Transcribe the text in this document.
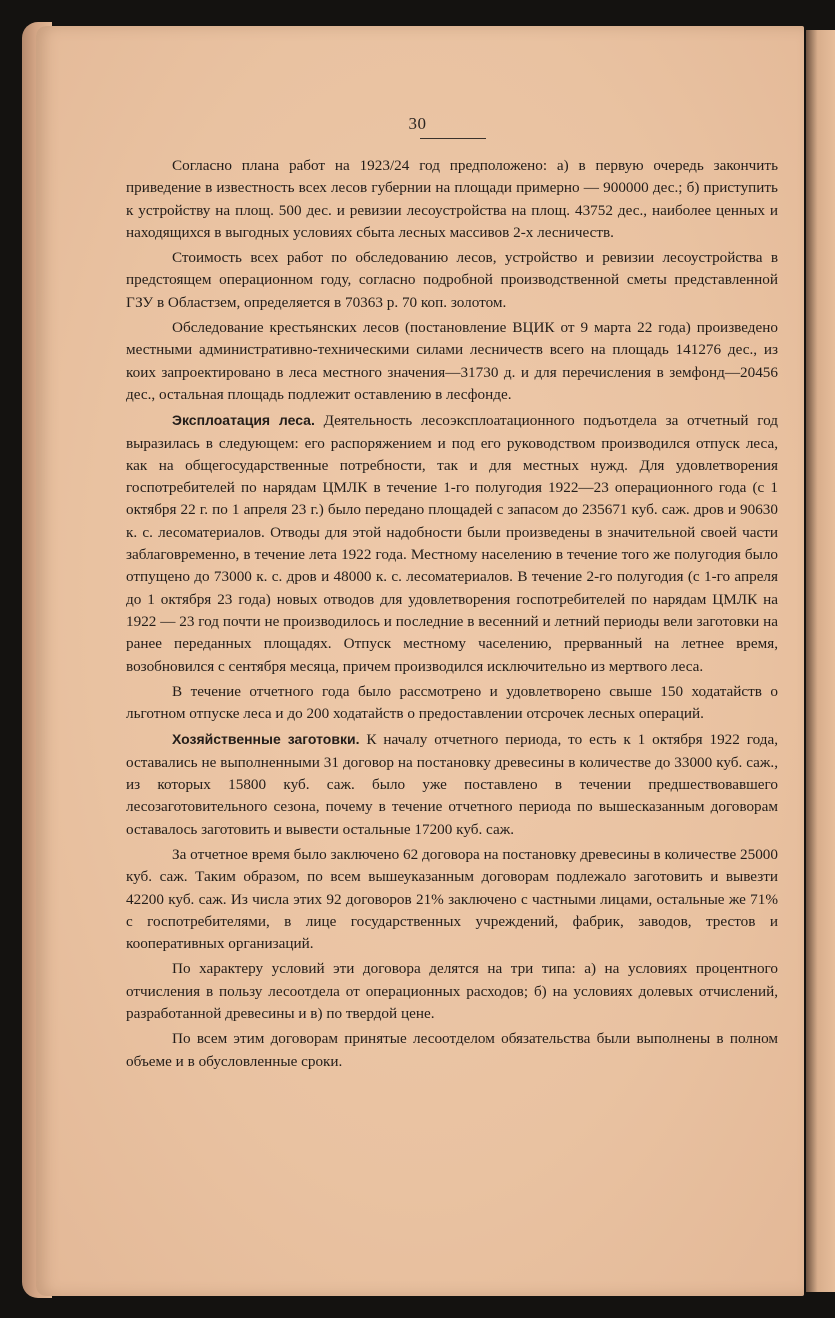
30

Согласно плана работ на 1923/24 год предположено: а) в первую очередь закончить приведение в известность всех лесов губернии на площади примерно — 900000 дес.; б) приступить к устройству на площ. 500 дес. и ревизии лесоустройства на площ. 43752 дес., наиболее ценных и находящихся в выгодных условиях сбыта лесных массивов 2-х лесничеств.

Стоимость всех работ по обследованию лесов, устройство и ревизии лесоустройства в предстоящем операционном году, согласно подробной производственной сметы представленной ГЗУ в Областзем, определяется в 70363 р. 70 коп. золотом.

Обследование крестьянских лесов (постановление ВЦИК от 9 марта 22 года) произведено местными административно-техническими силами лесничеств всего на площадь 141276 дес., из коих запроектировано в леса местного значения—31730 д. и для перечисления в земфонд—20456 дес., остальная площадь подлежит оставлению в лесфонде.

Эксплоатация леса. Деятельность лесоэксплоатационного подъотдела за отчетный год выразилась в следующем: его распоряжением и под его руководством производился отпуск леса, как на общегосударственные потребности, так и для местных нужд. Для удовлетворения госпотребителей по нарядам ЦМЛК в течение 1-го полугодия 1922—23 операционного года (с 1 октября 22 г. по 1 апреля 23 г.) было передано площадей с запасом до 235671 куб. саж. дров и 90630 к. с. лесоматериалов. Отводы для этой надобности были произведены в значительной своей части заблаговременно, в течение лета 1922 года. Местному населению в течение того же полугодия было отпущено до 73000 к. с. дров и 48000 к. с. лесоматериалов. В течение 2-го полугодия (с 1-го апреля до 1 октября 23 года) новых отводов для удовлетворения госпотребителей по нарядам ЦМЛК на 1922 — 23 год почти не производилось и последние в весенний и летний периоды вели заготовки на ранее переданных площадях. Отпуск местному часелению, прерванный на летнее время, возобновился с сентября месяца, причем производился исключительно из мертвого леса.

В течение отчетного года было рассмотрено и удовлетворено свыше 150 ходатайств о льготном отпуске леса и до 200 ходатайств о предоставлении отсрочек лесных операций.

Хозяйственные заготовки. К началу отчетного периода, то есть к 1 октября 1922 года, оставались не выполненными 31 договор на постановку древесины в количестве до 33000 куб. саж., из которых 15800 куб. саж. было уже поставлено в течении предшествовавшего лесозаготовительного сезона, почему в течение отчетного периода по вышесказанным договорам оставалось заготовить и вывести остальные 17200 куб. саж.

За отчетное время было заключено 62 договора на постановку древесины в количестве 25000 куб. саж. Таким образом, по всем вышеуказанным договорам подлежало заготовить и вывезти 42200 куб. саж. Из числа этих 92 договоров 21% заключено с частными лицами, остальные же 71% с госпотребителями, в лице государственных учреждений, фабрик, заводов, трестов и кооперативных организаций.

По характеру условий эти договора делятся на три типа: а) на условиях процентного отчисления в пользу лесоотдела от операционных расходов; б) на условиях долевых отчислений, разработанной древесины и в) по твердой цене.

По всем этим договорам принятые лесоотделом обязательства были выполнены в полном объеме и в обусловленные сроки.
